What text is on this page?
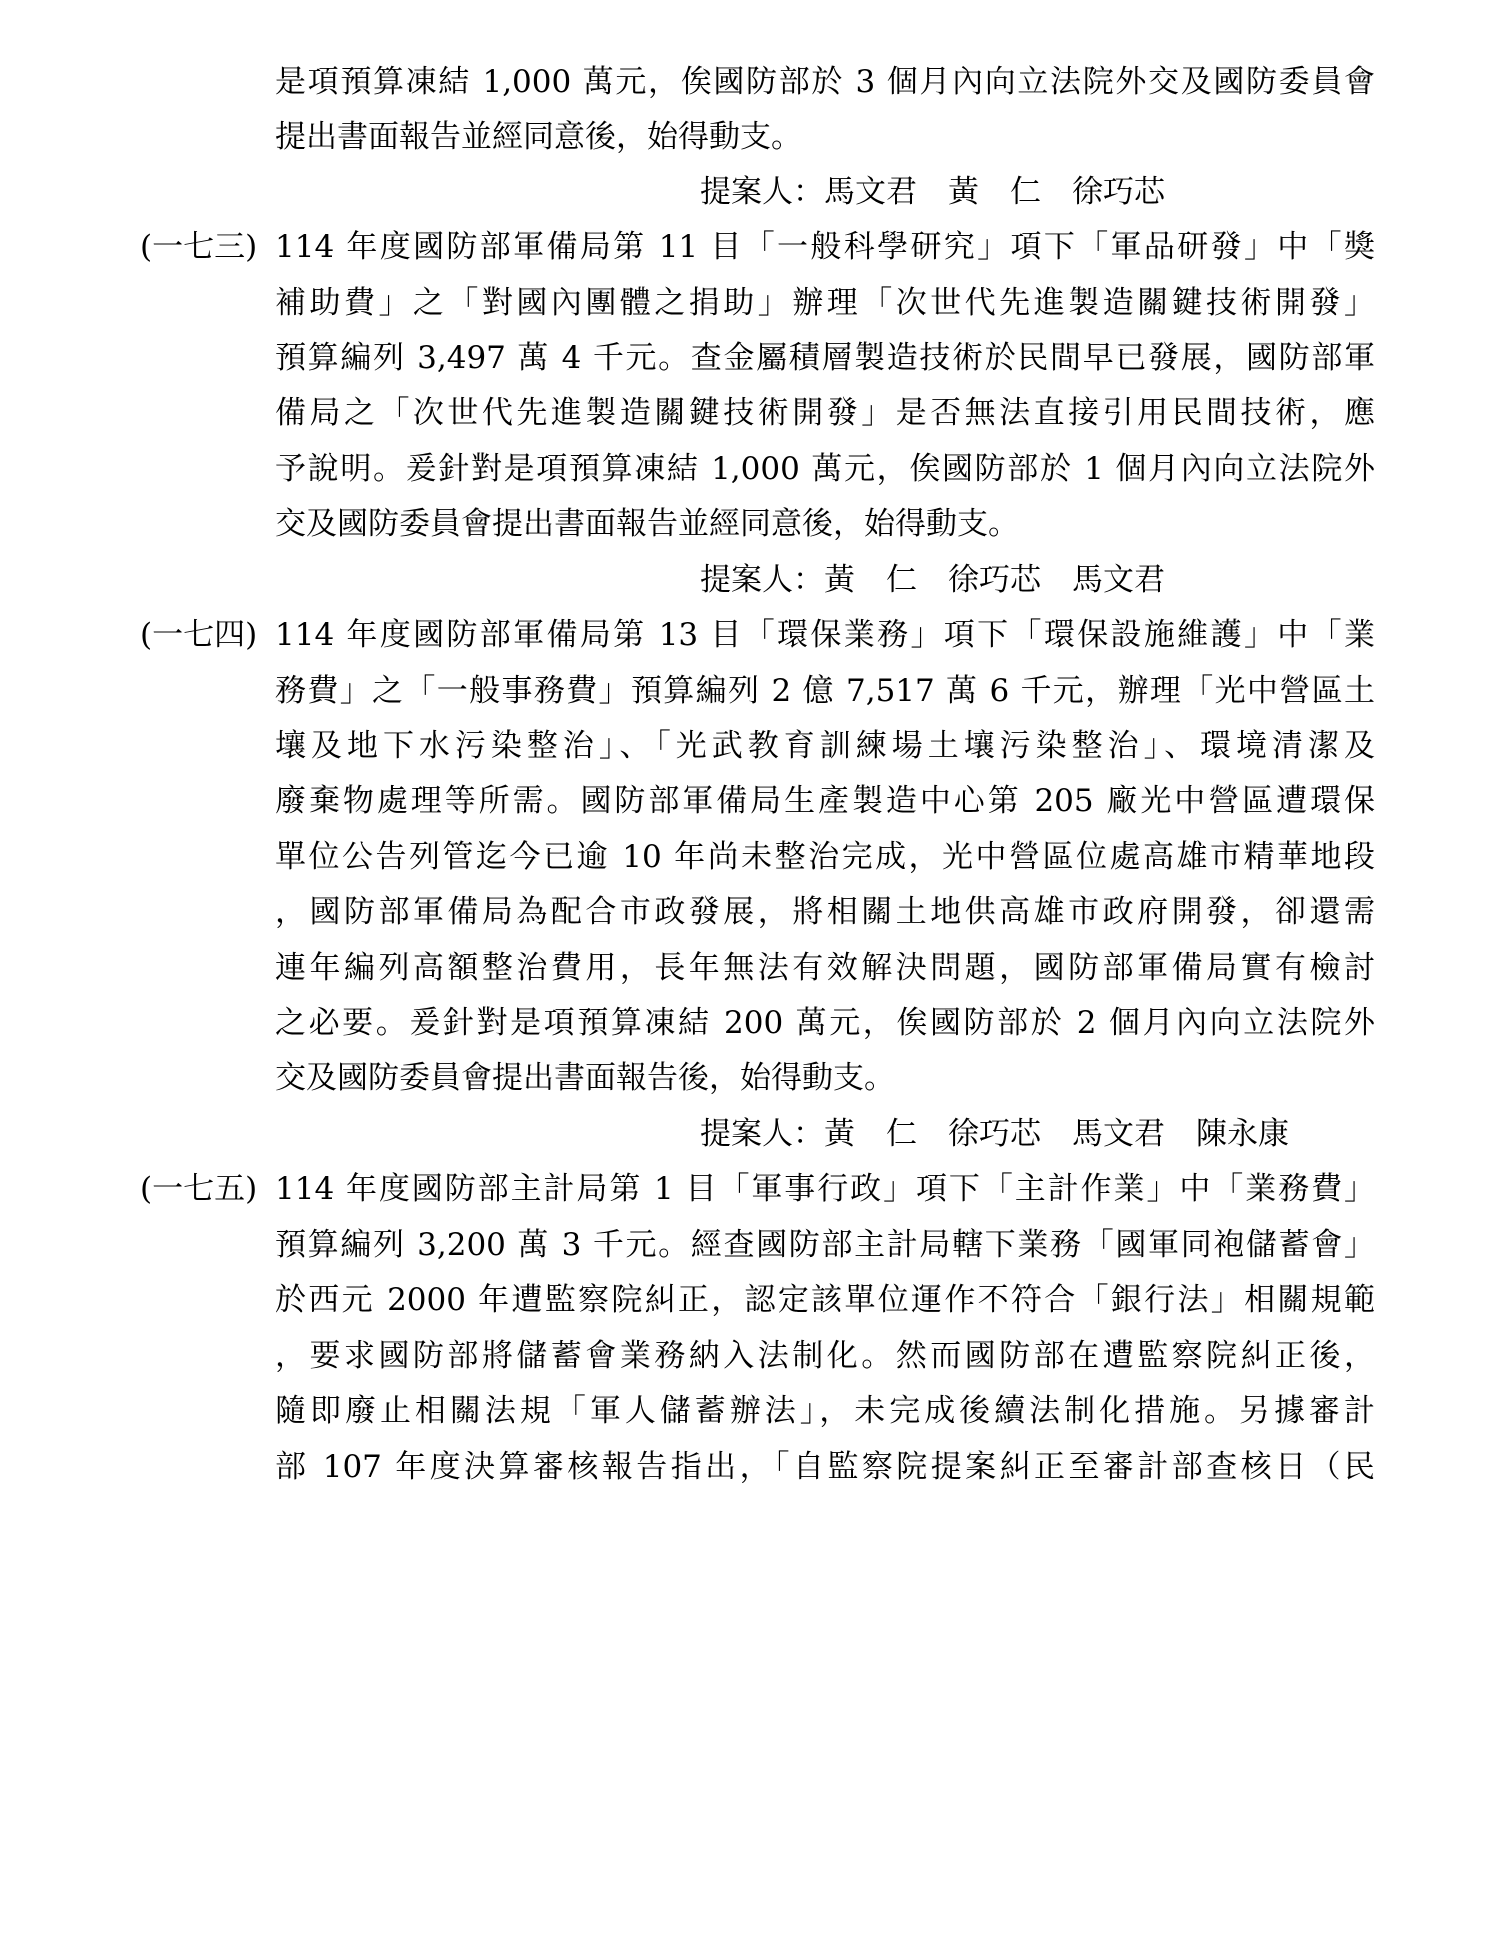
是項預算凍結 1,000 萬元，俟國防部於 3 個月內向立法院外交及國防委員會
提出書面報告並經同意後，始得動支。
提案人：馬文君　黃　仁　徐巧芯
(一七三) 114 年度國防部軍備局第 11 目「一般科學研究」項下「軍品研發」中「獎
補助費」之「對國內團體之捐助」辦理「次世代先進製造關鍵技術開發」
預算編列 3,497 萬 4 千元。查金屬積層製造技術於民間早已發展，國防部軍
備局之「次世代先進製造關鍵技術開發」是否無法直接引用民間技術，應
予說明。爰針對是項預算凍結 1,000 萬元，俟國防部於 1 個月內向立法院外
交及國防委員會提出書面報告並經同意後，始得動支。
提案人：黃　仁　徐巧芯　馬文君
(一七四) 114 年度國防部軍備局第 13 目「環保業務」項下「環保設施維護」中「業
務費」之「一般事務費」預算編列 2 億 7,517 萬 6 千元，辦理「光中營區土
壤及地下水污染整治」、「光武教育訓練場土壤污染整治」、環境清潔及
廢棄物處理等所需。國防部軍備局生產製造中心第 205 廠光中營區遭環保
單位公告列管迄今已逾 10 年尚未整治完成，光中營區位處高雄市精華地段
，國防部軍備局為配合市政發展，將相關土地供高雄市政府開發，卻還需
連年編列高額整治費用，長年無法有效解決問題，國防部軍備局實有檢討
之必要。爰針對是項預算凍結 200 萬元，俟國防部於 2 個月內向立法院外
交及國防委員會提出書面報告後，始得動支。
提案人：黃　仁　徐巧芯　馬文君　陳永康
(一七五) 114 年度國防部主計局第 1 目「軍事行政」項下「主計作業」中「業務費」
預算編列 3,200 萬 3 千元。經查國防部主計局轄下業務「國軍同袍儲蓄會」
於西元 2000 年遭監察院糾正，認定該單位運作不符合「銀行法」相關規範
，要求國防部將儲蓄會業務納入法制化。然而國防部在遭監察院糾正後，
隨即廢止相關法規「軍人儲蓄辦法」，未完成後續法制化措施。另據審計
部 107 年度決算審核報告指出，「自監察院提案糾正至審計部查核日（民
